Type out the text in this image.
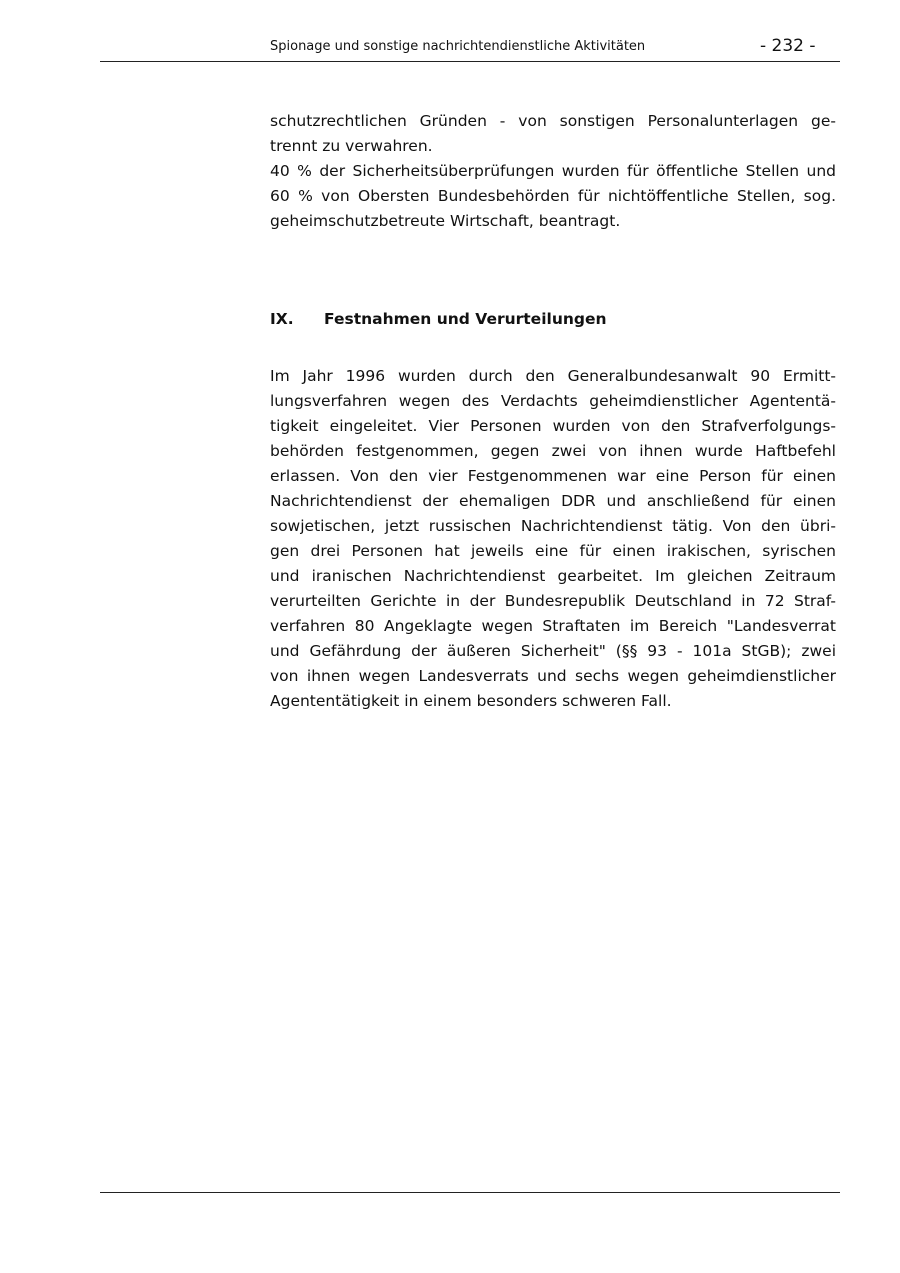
Spionage und sonstige nachrichtendienstliche Aktivitäten	- 232 -
schutzrechtlichen Gründen - von sonstigen Personalunterlagen ge-
trennt zu verwahren.
40 % der Sicherheitsüberprüfungen wurden für öffentliche Stellen und
60 % von Obersten Bundesbehörden für nichtöffentliche Stellen, sog.
geheimschutzbetreute Wirtschaft, beantragt.
IX. Festnahmen und Verurteilungen
Im Jahr 1996 wurden durch den Generalbundesanwalt 90 Ermitt-
lungsverfahren wegen des Verdachts geheimdienstlicher Agententä-
tigkeit eingeleitet. Vier Personen wurden von den Strafverfolgungs-
behörden festgenommen, gegen zwei von ihnen wurde Haftbefehl
erlassen. Von den vier Festgenommenen war eine Person für einen
Nachrichtendienst der ehemaligen DDR und anschließend für einen
sowjetischen, jetzt russischen Nachrichtendienst tätig. Von den übri-
gen drei Personen hat jeweils eine für einen irakischen, syrischen
und iranischen Nachrichtendienst gearbeitet. Im gleichen Zeitraum
verurteilten Gerichte in der Bundesrepublik Deutschland in 72 Straf-
verfahren 80 Angeklagte wegen Straftaten im Bereich "Landesverrat
und Gefährdung der äußeren Sicherheit" (§§ 93 - 101a StGB); zwei
von ihnen wegen Landesverrats und sechs wegen geheimdienstlicher
Agententätigkeit in einem besonders schweren Fall.
